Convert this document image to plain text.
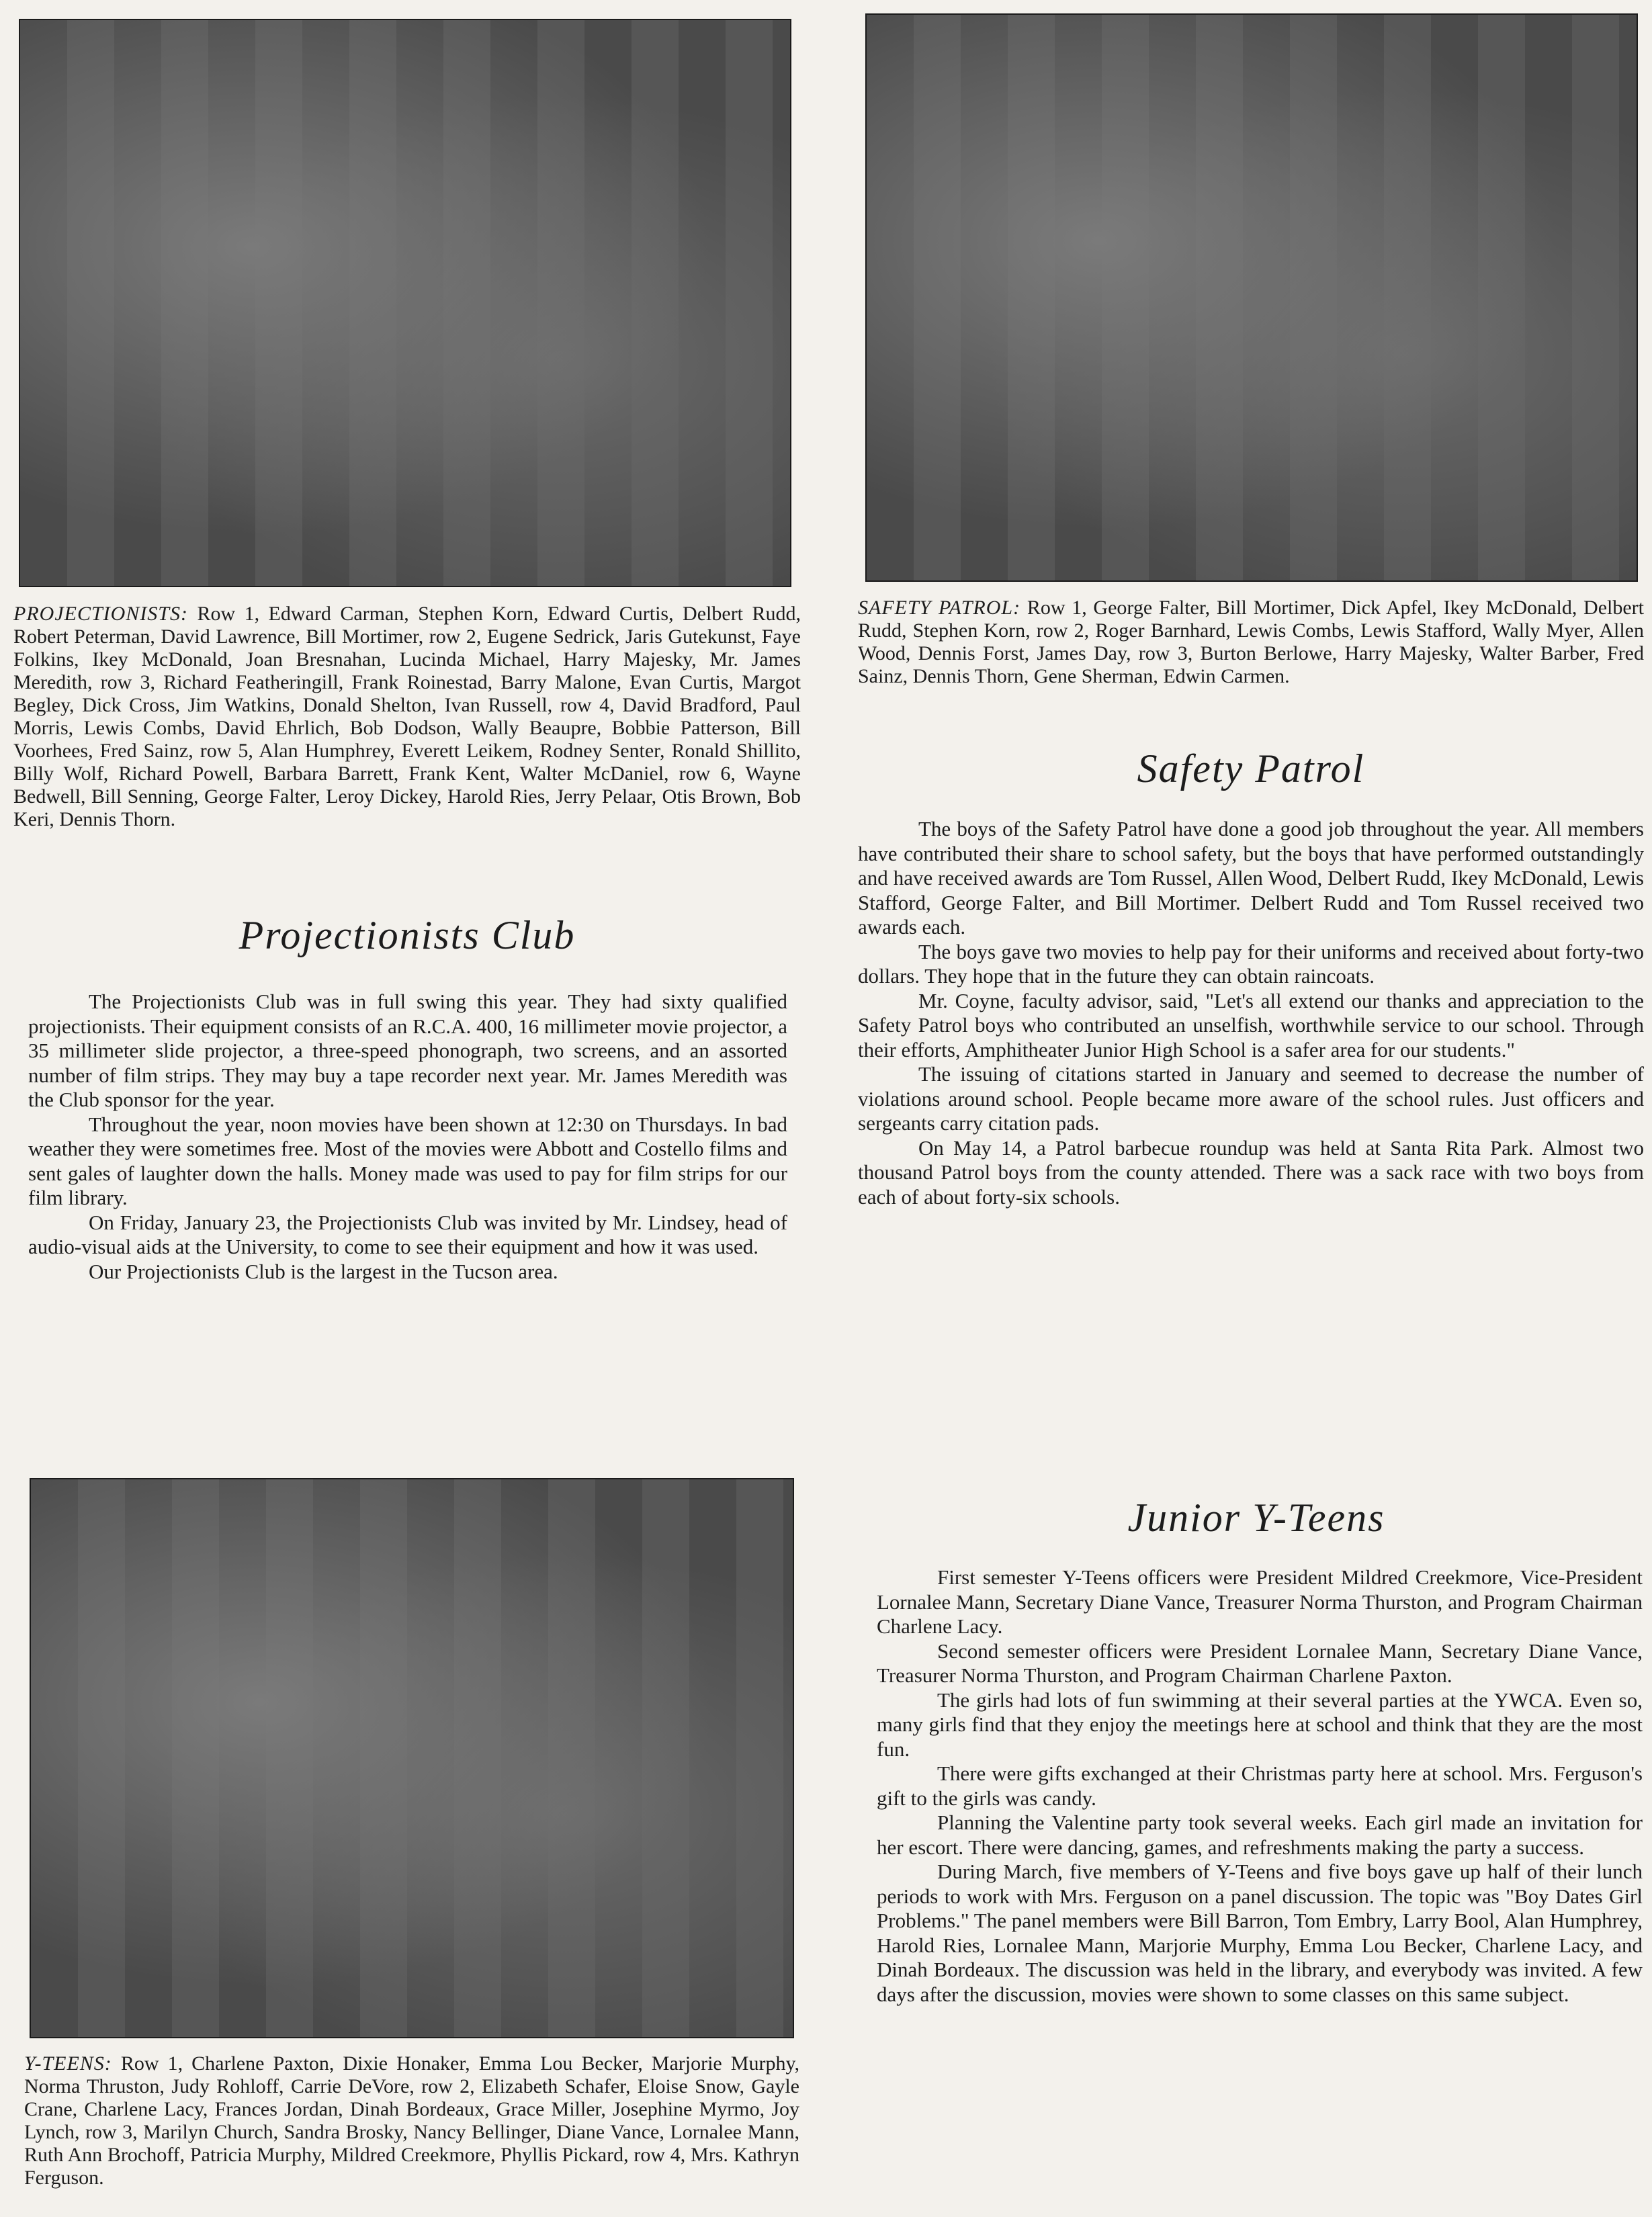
PROJECTIONISTS: Row 1, Edward Carman, Stephen Korn, Edward Curtis, Delbert Rudd, Robert Peterman, David Lawrence, Bill Mortimer, row 2, Eugene Sedrick, Jaris Gutekunst, Faye Folkins, Ikey McDonald, Joan Bresnahan, Lucinda Michael, Harry Majesky, Mr. James Meredith, row 3, Richard Featheringill, Frank Roinestad, Barry Malone, Evan Curtis, Margot Begley, Dick Cross, Jim Watkins, Donald Shelton, Ivan Russell, row 4, David Bradford, Paul Morris, Lewis Combs, David Ehrlich, Bob Dodson, Wally Beaupre, Bobbie Patterson, Bill Voorhees, Fred Sainz, row 5, Alan Humphrey, Everett Leikem, Rodney Senter, Ronald Shillito, Billy Wolf, Richard Powell, Barbara Barrett, Frank Kent, Walter McDaniel, row 6, Wayne Bedwell, Bill Senning, George Falter, Leroy Dickey, Harold Ries, Jerry Pelaar, Otis Brown, Bob Keri, Dennis Thorn.

SAFETY PATROL: Row 1, George Falter, Bill Mortimer, Dick Apfel, Ikey McDonald, Delbert Rudd, Stephen Korn, row 2, Roger Barnhard, Lewis Combs, Lewis Stafford, Wally Myer, Allen Wood, Dennis Forst, James Day, row 3, Burton Berlowe, Harry Majesky, Walter Barber, Fred Sainz, Dennis Thorn, Gene Sherman, Edwin Carmen.

Safety Patrol

The boys of the Safety Patrol have done a good job throughout the year. All members have contributed their share to school safety, but the boys that have performed outstandingly and have received awards are Tom Russel, Allen Wood, Delbert Rudd, Ikey McDonald, Lewis Stafford, George Falter, and Bill Mortimer. Delbert Rudd and Tom Russel received two awards each.

The boys gave two movies to help pay for their uniforms and received about forty-two dollars. They hope that in the future they can obtain raincoats.

Mr. Coyne, faculty advisor, said, "Let's all extend our thanks and appreciation to the Safety Patrol boys who contributed an unselfish, worthwhile service to our school. Through their efforts, Amphitheater Junior High School is a safer area for our students."

The issuing of citations started in January and seemed to decrease the number of violations around school. People became more aware of the school rules. Just officers and sergeants carry citation pads.

On May 14, a Patrol barbecue roundup was held at Santa Rita Park. Almost two thousand Patrol boys from the county attended. There was a sack race with two boys from each of about forty-six schools.

Projectionists Club

The Projectionists Club was in full swing this year. They had sixty qualified projectionists. Their equipment consists of an R.C.A. 400, 16 millimeter movie projector, a 35 millimeter slide projector, a three-speed phonograph, two screens, and an assorted number of film strips. They may buy a tape recorder next year. Mr. James Meredith was the Club sponsor for the year.

Throughout the year, noon movies have been shown at 12:30 on Thursdays. In bad weather they were sometimes free. Most of the movies were Abbott and Costello films and sent gales of laughter down the halls. Money made was used to pay for film strips for our film library.

On Friday, January 23, the Projectionists Club was invited by Mr. Lindsey, head of audio-visual aids at the University, to come to see their equipment and how it was used.

Our Projectionists Club is the largest in the Tucson area.

Y-TEENS: Row 1, Charlene Paxton, Dixie Honaker, Emma Lou Becker, Marjorie Murphy, Norma Thruston, Judy Rohloff, Carrie DeVore, row 2, Elizabeth Schafer, Eloise Snow, Gayle Crane, Charlene Lacy, Frances Jordan, Dinah Bordeaux, Grace Miller, Josephine Myrmo, Joy Lynch, row 3, Marilyn Church, Sandra Brosky, Nancy Bellinger, Diane Vance, Lornalee Mann, Ruth Ann Brochoff, Patricia Murphy, Mildred Creekmore, Phyllis Pickard, row 4, Mrs. Kathryn Ferguson.

Junior Y-Teens

First semester Y-Teens officers were President Mildred Creekmore, Vice-President Lornalee Mann, Secretary Diane Vance, Treasurer Norma Thurston, and Program Chairman Charlene Lacy.

Second semester officers were President Lornalee Mann, Secretary Diane Vance, Treasurer Norma Thurston, and Program Chairman Charlene Paxton.

The girls had lots of fun swimming at their several parties at the YWCA. Even so, many girls find that they enjoy the meetings here at school and think that they are the most fun.

There were gifts exchanged at their Christmas party here at school. Mrs. Ferguson's gift to the girls was candy.

Planning the Valentine party took several weeks. Each girl made an invitation for her escort. There were dancing, games, and refreshments making the party a success.

During March, five members of Y-Teens and five boys gave up half of their lunch periods to work with Mrs. Ferguson on a panel discussion. The topic was "Boy Dates Girl Problems." The panel members were Bill Barron, Tom Embry, Larry Bool, Alan Humphrey, Harold Ries, Lornalee Mann, Marjorie Murphy, Emma Lou Becker, Charlene Lacy, and Dinah Bordeaux. The discussion was held in the library, and everybody was invited. A few days after the discussion, movies were shown to some classes on this same subject.
